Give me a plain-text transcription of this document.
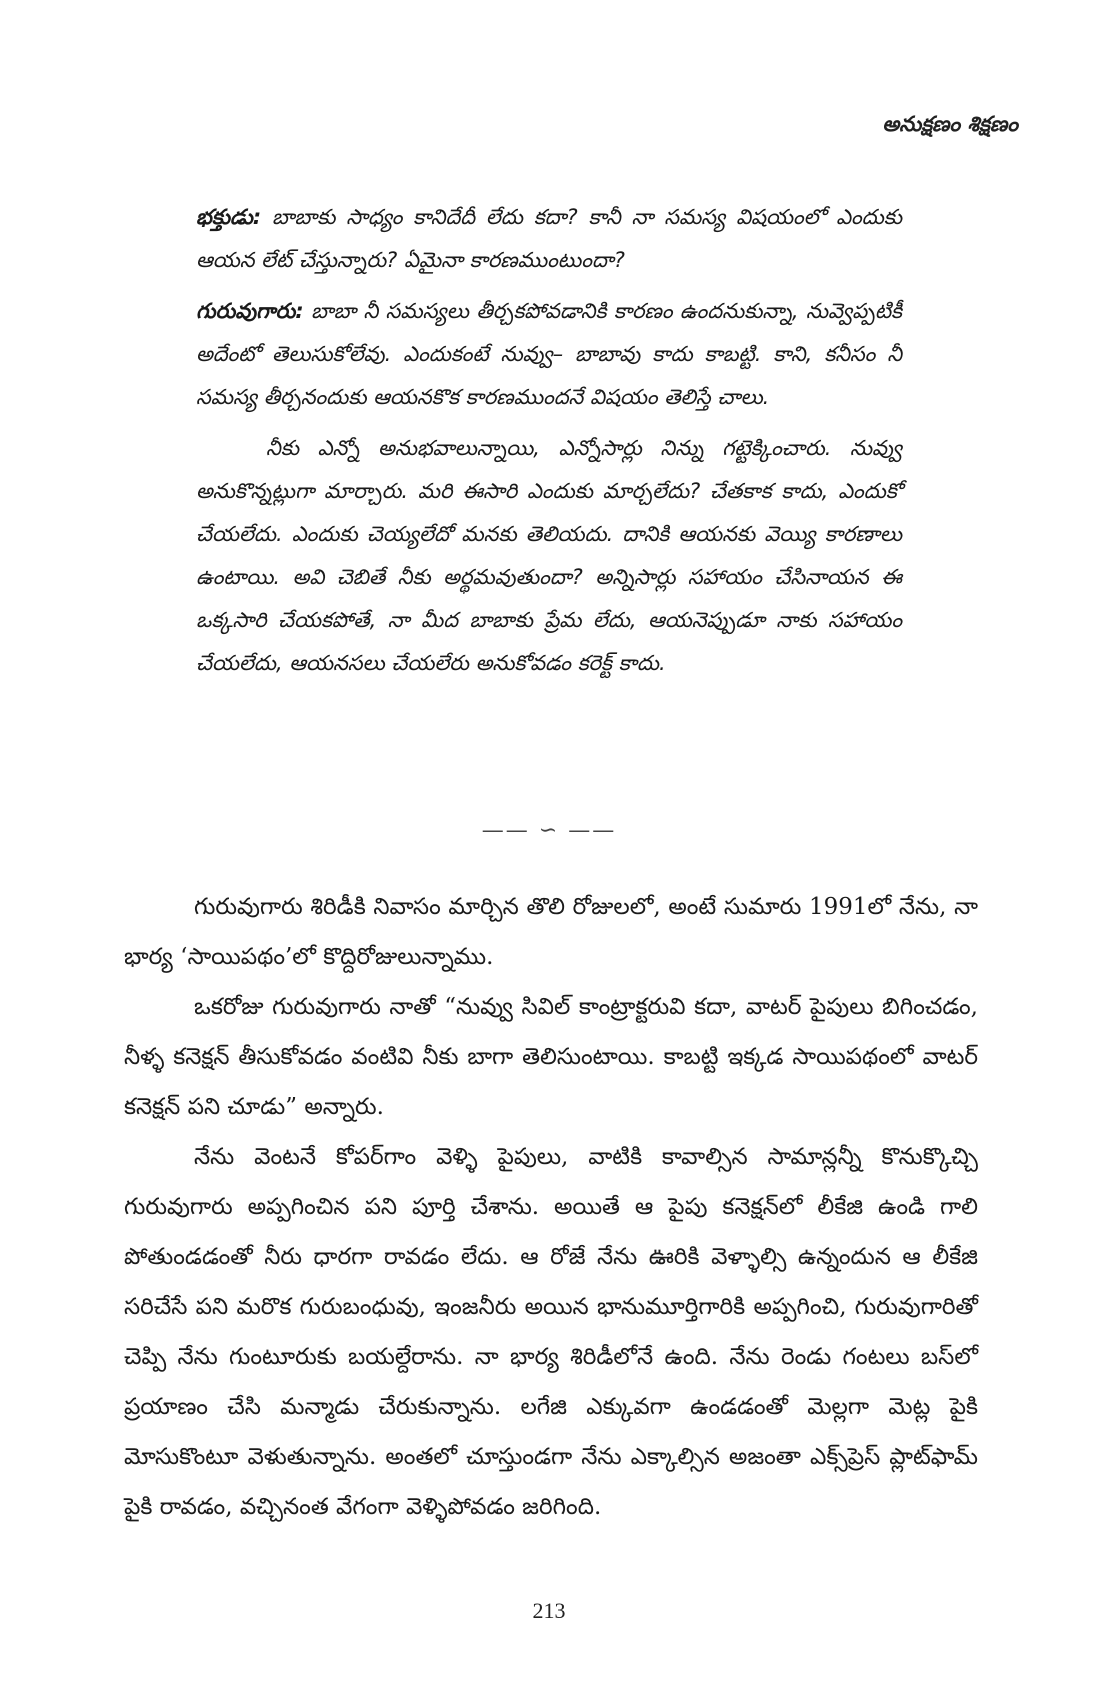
అనుక్షణం శిక్షణం

భక్తుడు: బాబాకు సాధ్యం కానిదేదీ లేదు కదా? కానీ నా సమస్య విషయంలో ఎందుకు ఆయన లేట్ చేస్తున్నారు? ఏమైనా కారణముంటుందా?

గురువుగారు: బాబా నీ సమస్యలు తీర్చకపోవడానికి కారణం ఉందనుకున్నా, నువ్వెప్పటికీ అదేంటో తెలుసుకోలేవు. ఎందుకంటే నువ్వు– బాబావు కాదు కాబట్టి. కాని, కనీసం నీ సమస్య తీర్చనందుకు ఆయనకొక కారణముందనే విషయం తెలిస్తే చాలు.

నీకు ఎన్నో అనుభవాలున్నాయి, ఎన్నోసార్లు నిన్ను గట్టెక్కించారు. నువ్వు అనుకొన్నట్లుగా మార్చారు. మరి ఈసారి ఎందుకు మార్చలేదు? చేతకాక కాదు, ఎందుకో చేయలేదు. ఎందుకు చెయ్యలేదో మనకు తెలియదు. దానికి ఆయనకు వెయ్యి కారణాలు ఉంటాయి. అవి చెబితే నీకు అర్థమవుతుందా? అన్నిసార్లు సహాయం చేసినాయన ఈ ఒక్కసారి చేయకపోతే, నా మీద బాబాకు ప్రేమ లేదు, ఆయనెప్పుడూ నాకు సహాయం చేయలేదు, ఆయనసలు చేయలేరు అనుకోవడం కరెక్ట్ కాదు.

—— ∽ ——

గురువుగారు శిరిడీకి నివాసం మార్చిన తొలి రోజులలో, అంటే సుమారు 1991లో నేను, నా భార్య ‘సాయిపథం’లో కొద్దిరోజులున్నాము.

ఒకరోజు గురువుగారు నాతో “నువ్వు సివిల్ కాంట్రాక్టరువి కదా, వాటర్ పైపులు బిగించడం, నీళ్ళ కనెక్షన్ తీసుకోవడం వంటివి నీకు బాగా తెలిసుంటాయి. కాబట్టి ఇక్కడ సాయిపథంలో వాటర్ కనెక్షన్ పని చూడు” అన్నారు.

నేను వెంటనే కోపర్‌గాం వెళ్ళి పైపులు, వాటికి కావాల్సిన సామాన్లన్నీ కొనుక్కొచ్చి గురువుగారు అప్పగించిన పని పూర్తి చేశాను. అయితే ఆ పైపు కనెక్షన్‌లో లీకేజి ఉండి గాలి పోతుండడంతో నీరు ధారగా రావడం లేదు. ఆ రోజే నేను ఊరికి వెళ్ళాల్సి ఉన్నందున ఆ లీకేజి సరిచేసే పని మరొక గురుబంధువు, ఇంజనీరు అయిన భానుమూర్తిగారికి అప్పగించి, గురువుగారితో చెప్పి నేను గుంటూరుకు బయల్దేరాను. నా భార్య శిరిడీలోనే ఉంది. నేను రెండు గంటలు బస్‌లో ప్రయాణం చేసి మన్మాడు చేరుకున్నాను. లగేజి ఎక్కువగా ఉండడంతో మెల్లగా మెట్ల పైకి మోసుకొంటూ వెళుతున్నాను. అంతలో చూస్తుండగా నేను ఎక్కాల్సిన అజంతా ఎక్స్‌ప్రెస్ ప్లాట్‌ఫామ్ పైకి రావడం, వచ్చినంత వేగంగా వెళ్ళిపోవడం జరిగింది.

213
